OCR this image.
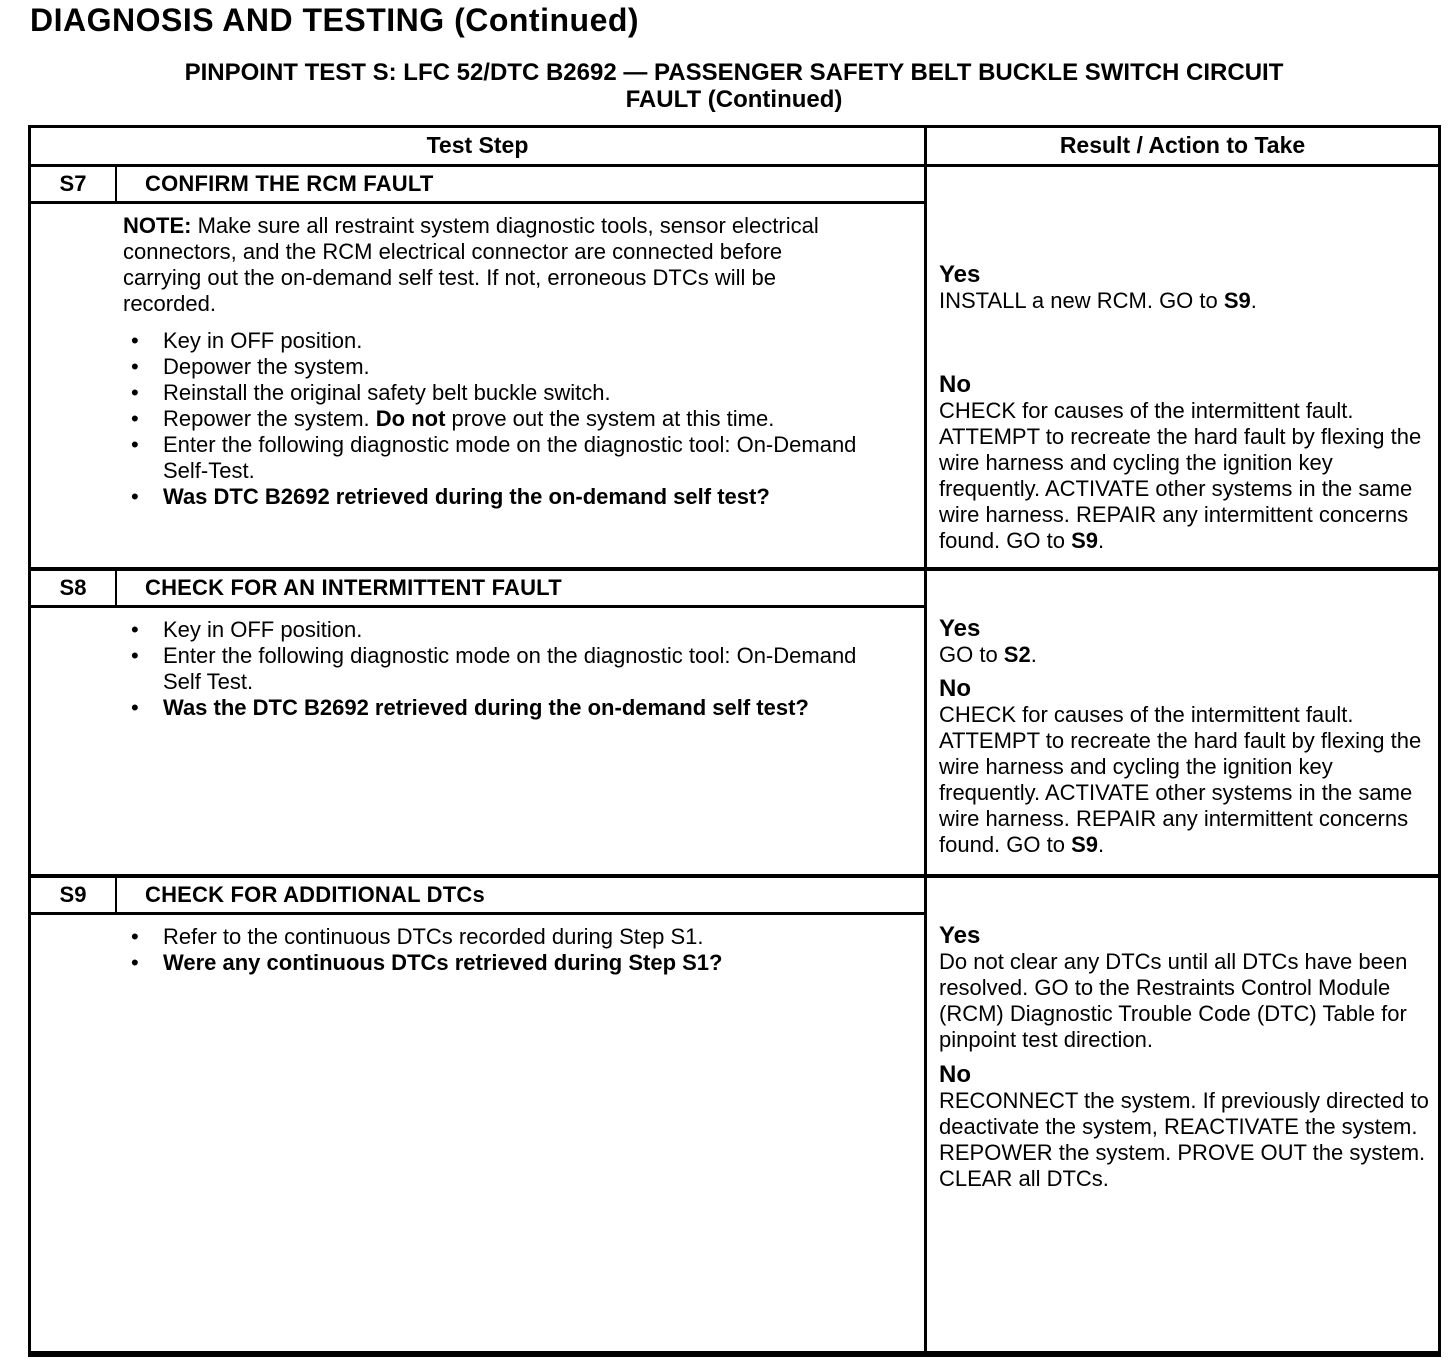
DIAGNOSIS AND TESTING (Continued)
PINPOINT TEST S: LFC 52/DTC B2692 — PASSENGER SAFETY BELT BUCKLE SWITCH CIRCUIT
FAULT (Continued)
Test Step	Result / Action to Take
S7	CONFIRM THE RCM FAULT

NOTE: Make sure all restraint system diagnostic tools, sensor electrical connectors, and the RCM electrical connector are connected before carrying out the on-demand self test. If not, erroneous DTCs will be recorded.

• Key in OFF position.
• Depower the system.
• Reinstall the original safety belt buckle switch.
• Repower the system. Do not prove out the system at this time.
• Enter the following diagnostic mode on the diagnostic tool: On-Demand Self-Test.
• Was DTC B2692 retrieved during the on-demand self test?
Yes
INSTALL a new RCM. GO to S9.
No
CHECK for causes of the intermittent fault. ATTEMPT to recreate the hard fault by flexing the wire harness and cycling the ignition key frequently. ACTIVATE other systems in the same wire harness. REPAIR any intermittent concerns found. GO to S9.
S8	CHECK FOR AN INTERMITTENT FAULT
• Key in OFF position.
• Enter the following diagnostic mode on the diagnostic tool: On-Demand Self Test.
• Was the DTC B2692 retrieved during the on-demand self test?
Yes
GO to S2.
No
CHECK for causes of the intermittent fault. ATTEMPT to recreate the hard fault by flexing the wire harness and cycling the ignition key frequently. ACTIVATE other systems in the same wire harness. REPAIR any intermittent concerns found. GO to S9.
S9	CHECK FOR ADDITIONAL DTCs
• Refer to the continuous DTCs recorded during Step S1.
• Were any continuous DTCs retrieved during Step S1?
Yes
Do not clear any DTCs until all DTCs have been resolved. GO to the Restraints Control Module (RCM) Diagnostic Trouble Code (DTC) Table for pinpoint test direction.
No
RECONNECT the system. If previously directed to deactivate the system, REACTIVATE the system. REPOWER the system. PROVE OUT the system. CLEAR all DTCs.
